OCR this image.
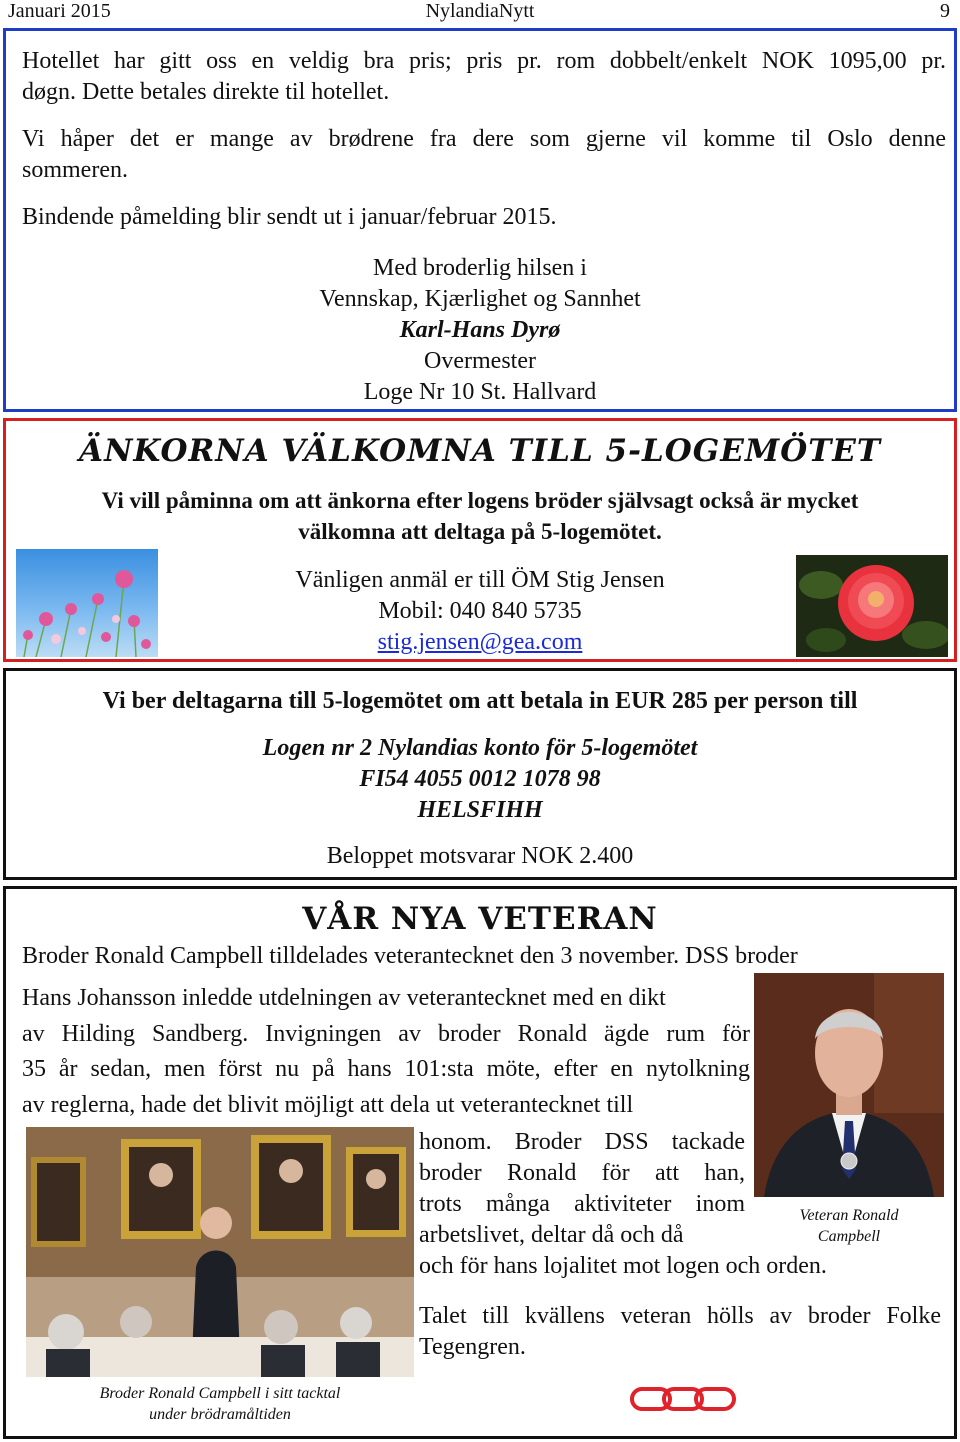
Januari 2015	NylandiaNytt	9
Hotellet har gitt oss en veldig bra pris; pris pr. rom dobbelt/enkelt NOK 1095,00 pr.
døgn. Dette betales direkte til hotellet.
Vi håper det er mange av brødrene fra dere som gjerne vil komme til Oslo denne
sommeren.
Bindende påmelding blir sendt ut i januar/februar 2015.
Med broderlig hilsen i
Vennskap, Kjærlighet og Sannhet
Karl-Hans Dyrø
Overmester
Loge Nr 10 St. Hallvard
ÄNKORNA VÄLKOMNA TILL 5-LOGEMÖTET
Vi vill påminna om att änkorna efter logens bröder självsagt också är mycket
välkomna att deltaga på 5-logemötet.
Vänligen anmäl er till ÖM Stig Jensen
Mobil: 040 840 5735
stig.jensen@gea.com
Vi ber deltagarna till 5-logemötet om att betala in EUR 285 per person till
Logen nr 2 Nylandias konto för 5-logemötet
FI54 4055 0012 1078 98
HELSFIHH
Beloppet motsvarar NOK 2.400
VÅR NYA VETERAN
Broder Ronald Campbell tilldelades veterantecknet den 3 november. DSS broder
Hans Johansson inledde utdelningen av veterantecknet med en dikt
av Hilding Sandberg. Invigningen av broder Ronald ägde rum för
35 år sedan, men först nu på hans 101:sta möte, efter en nytolkning
av reglerna, hade det blivit möjligt att dela ut veterantecknet till
honom. Broder DSS tackade
broder Ronald för att han,
trots många aktiviteter inom
arbetslivet, deltar då och då
och för hans lojalitet mot logen och orden.
Talet till kvällens veteran hölls av broder Folke
Tegengren.
Veteran Ronald
Campbell
Broder Ronald Campbell i sitt tacktal
under brödramåltiden
